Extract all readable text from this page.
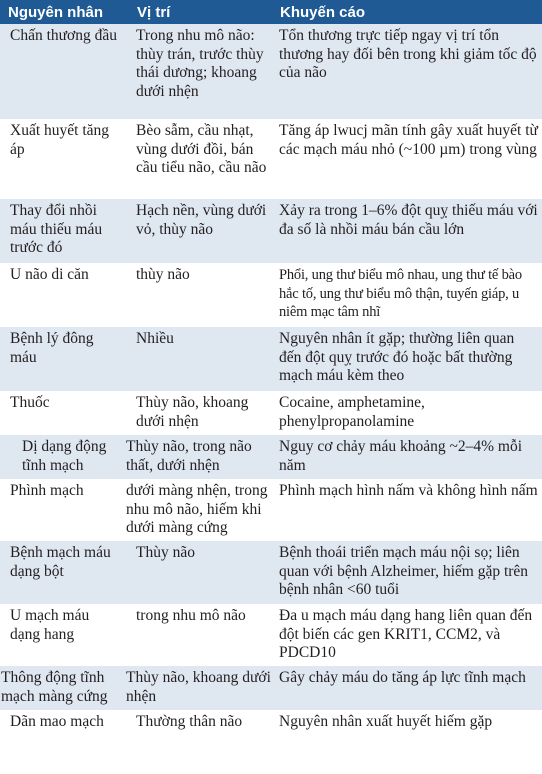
Nguyên nhân	Vị trí	Khuyến cáo
Chấn thương đầu	Trong nhu mô não: thùy trán, trước thùy thái dương; khoang dưới nhện	Tổn thương trực tiếp ngay vị trí tổn thương hay đối bên trong khi giảm tốc độ của não
Xuất huyết tăng áp	Bèo sẫm, cầu nhạt, vùng dưới đồi, bán cầu tiểu não, cầu não	Tăng áp lwucj mãn tính gây xuất huyết từ các mạch máu nhỏ (~100 µm) trong vùng
Thay đổi nhồi máu thiếu máu trước đó	Hạch nền, vùng dưới vỏ, thùy não	Xảy ra trong 1–6% đột quỵ thiếu máu với đa số là nhồi máu bán cầu lớn
U não di căn	thùy não	Phổi, ung thư biểu mô nhau, ung thư tế bào hắc tố, ung thư biểu mô thận, tuyến giáp, u niêm mạc tâm nhĩ
Bệnh lý đông máu	Nhiều	Nguyên nhân ít gặp; thường liên quan đến đột quỵ trước đó hoặc bất thường mạch máu kèm theo
Thuốc	Thùy não, khoang dưới nhện	Cocaine, amphetamine, phenylpropanolamine
Dị dạng động tĩnh mạch	Thùy não, trong não thất, dưới nhện	Nguy cơ chảy máu khoảng ~2–4% mỗi năm
Phình mạch	dưới màng nhện, trong nhu mô não, hiếm khi dưới màng cứng	Phình mạch hình nấm và không hình nấm
Bệnh mạch máu dạng bột	Thùy não	Bệnh thoái triển mạch máu nội sọ; liên quan với bệnh Alzheimer, hiếm gặp trên bệnh nhân <60 tuổi
U mạch máu dạng hang	trong nhu mô não	Đa u mạch máu dạng hang liên quan đến đột biến các gen KRIT1, CCM2, và PDCD10
Thông động tĩnh mạch màng cứng	Thùy não, khoang dưới nhện	Gây chảy máu do tăng áp lực tĩnh mạch
Dãn mao mạch	Thường thân não	Nguyên nhân xuất huyết hiếm gặp
